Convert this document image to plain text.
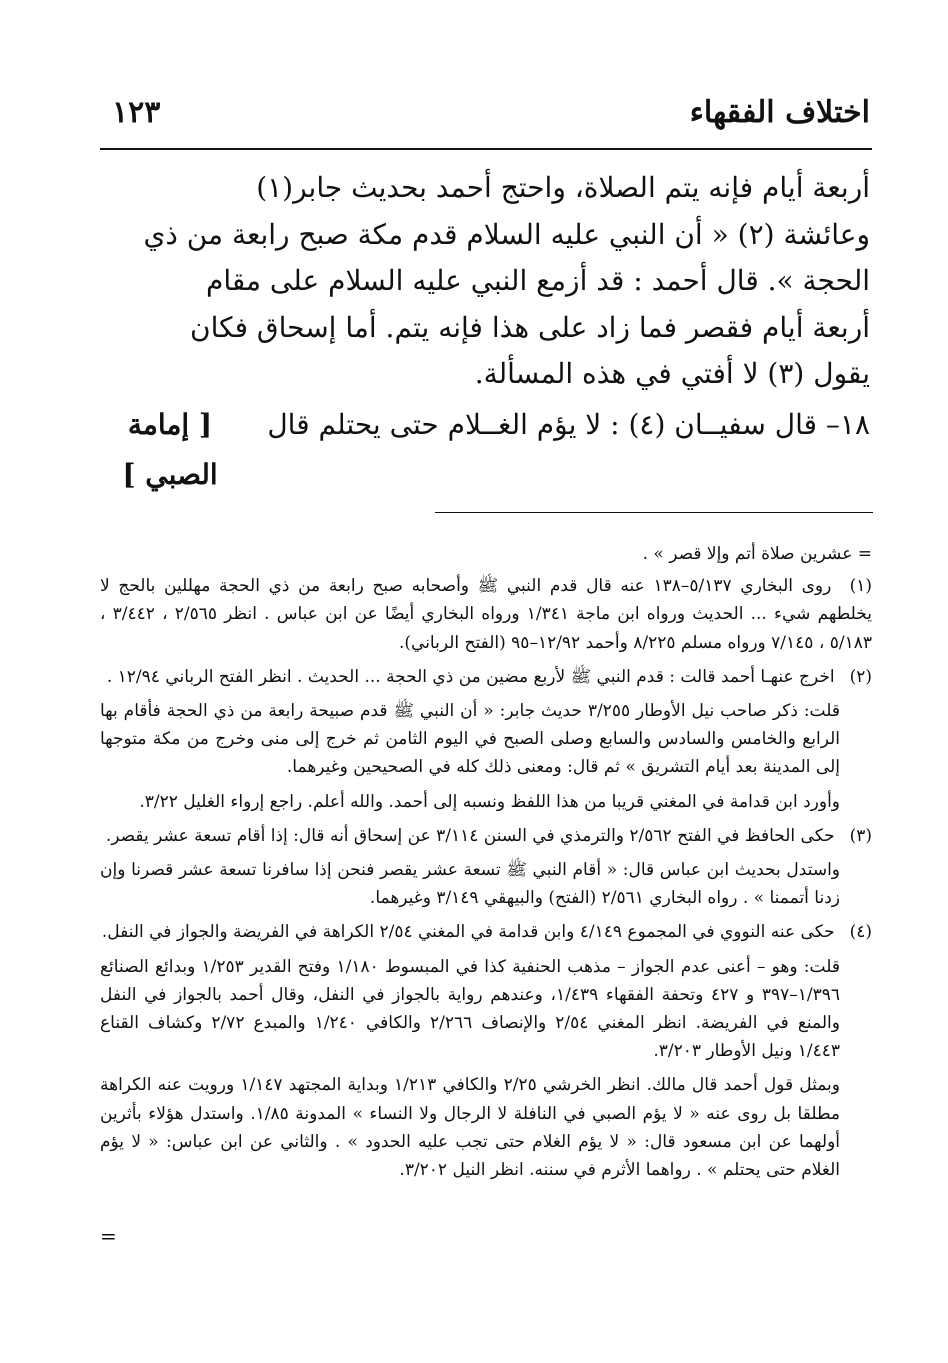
اختلاف الفقهاء
١٢٣
أربعة أيام فإنه يتم الصلاة، واحتج أحمد بحديث جابر(١)
وعائشة (٢) « أن النبي عليه السلام قدم مكة صبح رابعة من ذي
الحجة ». قال أحمد : قد أزمع النبي عليه السلام على مقام
أربعة أيام فقصر فما زاد على هذا فإنه يتم. أما إسحاق فكان
يقول (٣) لا أفتي في هذه المسألة.
١٨– قال سفيــان (٤) : لا يؤم الغــلام حتى يحتلم قال
[ إمامة
الصبي ]

= عشرين صلاة أتم وإلا قصر » .

(١) روى البخاري ٥/١٣٧–١٣٨ عنه قال قدم النبي ﷺ وأصحابه صبح رابعة من ذي الحجة مهللين بالحج لا يخلطهم شيء ... الحديث ورواه ابن ماجة ١/٣٤١ ورواه البخاري أيضًا عن ابن عباس . انظر ٢/٥٦٥ ، ٣/٤٤٢ ، ٥/١٨٣ ، ٧/١٤٥ ورواه مسلم ٨/٢٢٥ وأحمد ١٢/٩٢–٩٥ (الفتح الرباني).

(٢) اخرج عنهـا أحمد قالت : قدم النبي ﷺ لأربع مضين من ذي الحجة ... الحديث . انظر الفتح الرباني ١٢/٩٤ .

قلت: ذكر صاحب نيل الأوطار ٣/٢٥٥ حديث جابر: « أن النبي ﷺ قدم صبيحة رابعة من ذي الحجة فأقام بها الرابع والخامس والسادس والسابع وصلى الصبح في اليوم الثامن ثم خرج إلى منى وخرج من مكة متوجها إلى المدينة بعد أيام التشريق » ثم قال: ومعنى ذلك كله في الصحيحين وغيرهما.

وأورد ابن قدامة في المغني قريبا من هذا اللفظ ونسبه إلى أحمد. والله أعلم. راجع إرواء الغليل ٣/٢٢.

(٣) حكى الحافظ في الفتح ٢/٥٦٢ والترمذي في السنن ٣/١١٤ عن إسحاق أنه قال: إذا أقام تسعة عشر يقصر.

واستدل بحديث ابن عباس قال: « أقام النبي ﷺ تسعة عشر يقصر فنحن إذا سافرنا تسعة عشر قصرنا وإن زدنا أتممنا » . رواه البخاري ٢/٥٦١ (الفتح) والبيهقي ٣/١٤٩ وغيرهما.

(٤) حكى عنه النووي في المجموع ٤/١٤٩ وابن قدامة في المغني ٢/٥٤ الكراهة في الفريضة والجواز في النفل.

قلت: وهو – أعنى عدم الجواز – مذهب الحنفية كذا في المبسوط ١/١٨٠ وفتح القدير ١/٢٥٣ وبدائع الصنائع ١/٣٩٦–٣٩٧ و ٤٢٧ وتحفة الفقهاء ١/٤٣٩، وعندهم رواية بالجواز في النفل، وقال أحمد بالجواز في النفل والمنع في الفريضة. انظر المغني ٢/٥٤ والإنصاف ٢/٢٦٦ والكافي ١/٢٤٠ والمبدع ٢/٧٢ وكشاف القناع ١/٤٤٣ ونيل الأوطار ٣/٢٠٣.

وبمثل قول أحمد قال مالك. انظر الخرشي ٢/٢٥ والكافي ١/٢١٣ وبداية المجتهد ١/١٤٧ ورويت عنه الكراهة مطلقا بل روى عنه « لا يؤم الصبي في النافلة لا الرجال ولا النساء » المدونة ١/٨٥. واستدل هؤلاء بأثرين أولهما عن ابن مسعود قال: « لا يؤم الغلام حتى تجب عليه الحدود » . والثاني عن ابن عباس: « لا يؤم الغلام حتى يحتلم » . رواهما الأثرم في سننه. انظر النيل ٣/٢٠٢.

=
